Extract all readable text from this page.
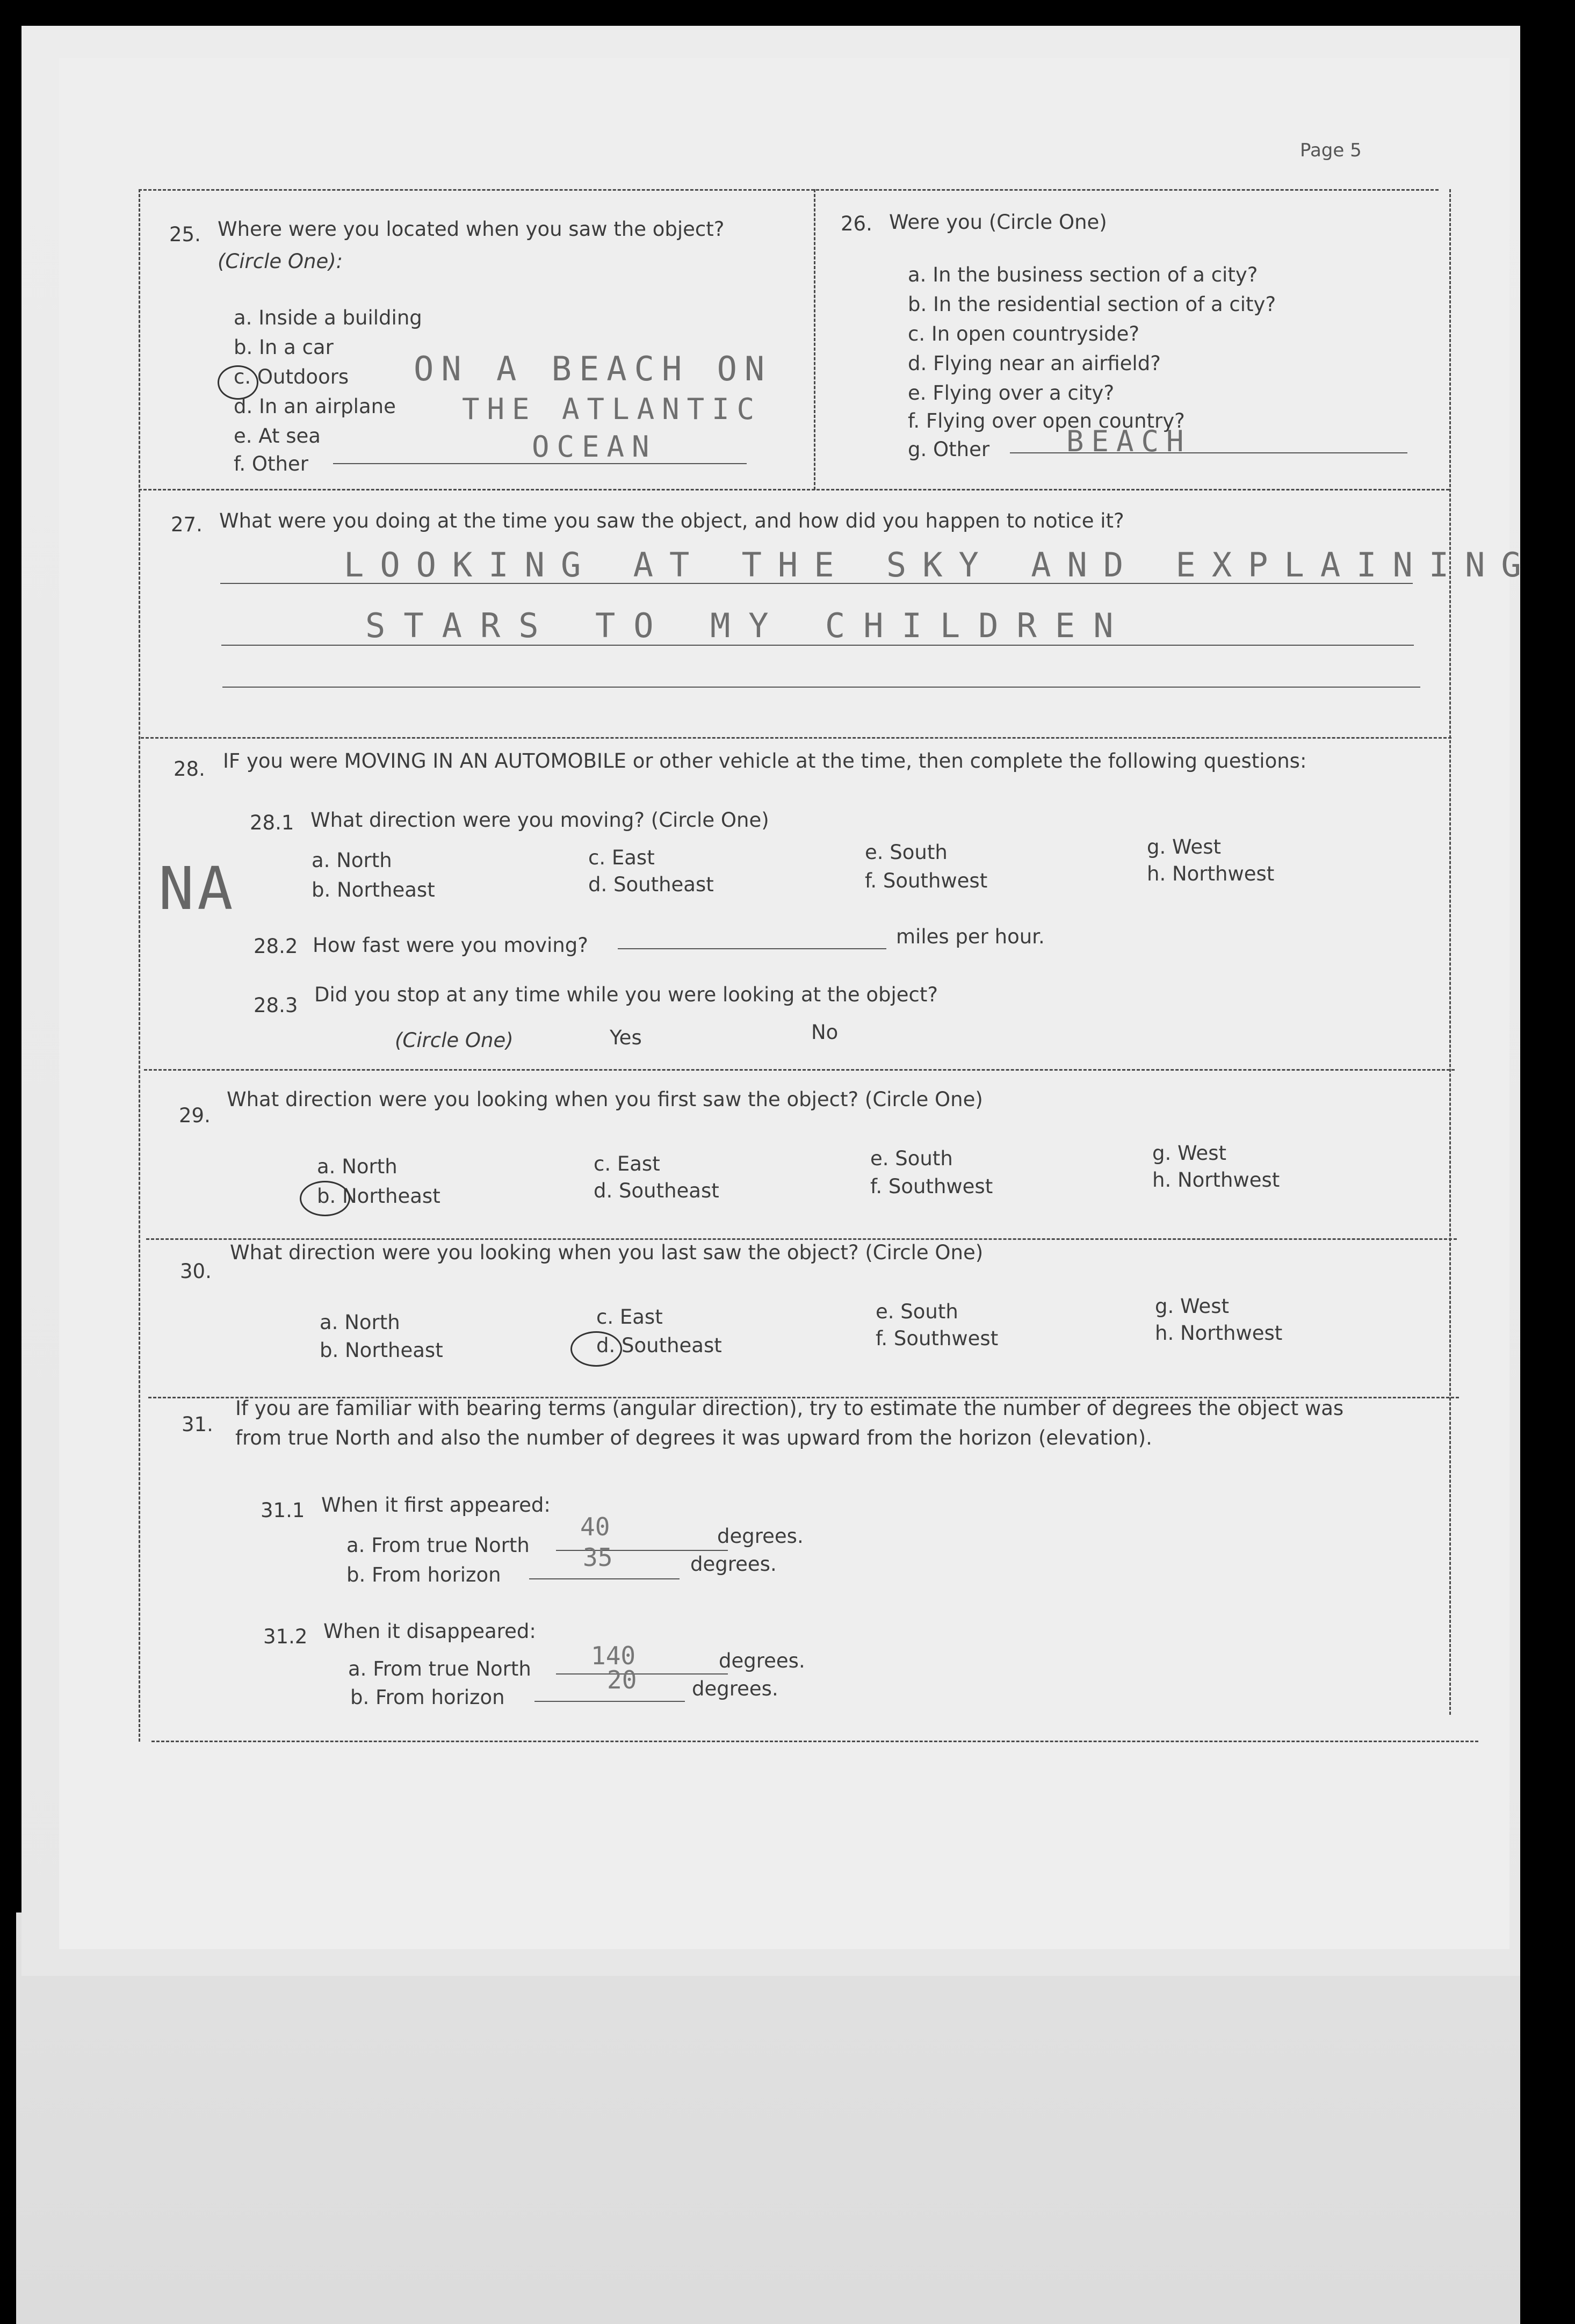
Page 5
25. Where were you located when you saw the object?
(Circle One):
a. Inside a building
b. In a car
c. Outdoors
d. In an airplane
e. At sea
f. Other
ON A BEACH ON
THE ATLANTIC
OCEAN
26. Were you (Circle One)
a. In the business section of a city?
b. In the residential section of a city?
c. In open countryside?
d. Flying near an airfield?
e. Flying over a city?
f. Flying over open country?
g. Other	BEACH
27. What were you doing at the time you saw the object, and how did you happen to notice it?
LOOKING AT THE SKY AND EXPLAINING
STARS TO MY CHILDREN
28. IF you were MOVING IN AN AUTOMOBILE or other vehicle at the time, then complete the following questions:
NA
28.1 What direction were you moving? (Circle One)
a. North
b. Northeast
c. East
d. Southeast
e. South
f. Southwest
g. West
h. Northwest
28.2 How fast were you moving?	miles per hour.
28.3 Did you stop at any time while you were looking at the object?
(Circle One)	Yes	No
29.
What direction were you looking when you first saw the object? (Circle One)
a. North
b. Northeast
c. East
d. Southeast
e. South
f. Southwest
g. West
h. Northwest
30.
What direction were you looking when you last saw the object? (Circle One)
a. North
b. Northeast
c. East
d. Southeast
e. South
f. Southwest
g. West
h. Northwest
31.
If you are familiar with bearing terms (angular direction), try to estimate the number of degrees the object was
from true North and also the number of degrees it was upward from the horizon (elevation).
31.1 When it first appeared:
a. From true North
40	degrees.
b. From horizon
35	degrees.
31.2 When it disappeared:
a. From true North 140	degrees.
b. From horizon
20	degrees.
